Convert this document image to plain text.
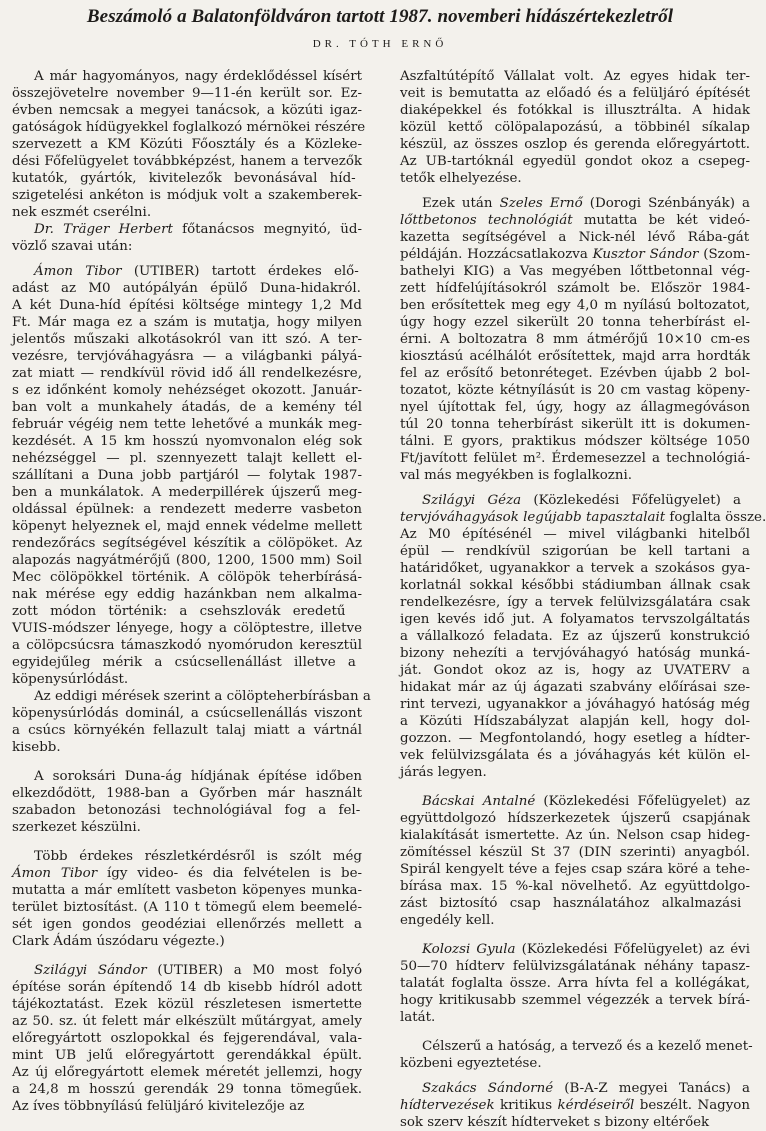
Beszámoló a Balatonföldváron tartott 1987. novemberi hídászértekezletről
DR. TÓTH ERNŐ
A már hagyományos, nagy érdeklődéssel kísért
összejövetelre november 9—11-én került sor. Ez-
évben nemcsak a megyei tanácsok, a közúti igaz-
gatóságok hídügyekkel foglalkozó mérnökei részére
szervezett a KM Közúti Főosztály és a Közleke-
dési Főfelügyelet továbbképzést, hanem a tervezők
kutatók, gyártók, kivitelezők bevonásával híd-
szigetelési ankéton is módjuk volt a szakemberek-
nek eszmét cserélni.
Dr. Träger Herbert főtanácsos megnyitó, üd-
vözlő szavai után:
Ámon Tibor (UTIBER) tartott érdekes elő-
adást az M0 autópályán épülő Duna-hidakról.
A két Duna-híd építési költsége mintegy 1,2 Md
Ft. Már maga ez a szám is mutatja, hogy milyen
jelentős műszaki alkotásokról van itt szó. A ter-
vezésre, tervjóváhagyásra — a világbanki pályá-
zat miatt — rendkívül rövid idő áll rendelkezésre,
s ez időnként komoly nehézséget okozott. Január-
ban volt a munkahely átadás, de a kemény tél
február végéig nem tette lehetővé a munkák meg-
kezdését. A 15 km hosszú nyomvonalon elég sok
nehézséggel — pl. szennyezett talajt kellett el-
szállítani a Duna jobb partjáról — folytak 1987-
ben a munkálatok. A mederpillérek újszerű meg-
oldással épülnek: a rendezett mederre vasbeton
köpenyt helyeznek el, majd ennek védelme mellett
rendezőrács segítségével készítik a cölöpöket. Az
alapozás nagyátmérőjű (800, 1200, 1500 mm) Soil
Mec cölöpökkel történik. A cölöpök teherbírásá-
nak mérése egy eddig hazánkban nem alkalma-
zott módon történik: a csehszlovák eredetű
VUIS-módszer lényege, hogy a cölöptestre, illetve
a cölöpcsúcsra támaszkodó nyomórudon keresztül
egyidejűleg mérik a csúcsellenállást illetve a
köpenysúrlódást.
Az eddigi mérések szerint a cölöpteherbírásban a
köpenysúrlódás dominál, a csúcsellenállás viszont
a csúcs környékén fellazult talaj miatt a vártnál
kisebb.
A soroksári Duna-ág hídjának építése időben
elkezdődött, 1988-ban a Győrben már használt
szabadon betonozási technológiával fog a fel-
szerkezet készülni.
Több érdekes részletkérdésről is szólt még
Ámon Tibor így video- és dia felvételen is be-
mutatta a már említett vasbeton köpenyes munka-
terület biztosítást. (A 110 t tömegű elem beemelé-
sét igen gondos geodéziai ellenőrzés mellett a
Clark Ádám úszódaru végezte.)
Szilágyi Sándor (UTIBER) a M0 most folyó
építése során építendő 14 db kisebb hídról adott
tájékoztatást. Ezek közül részletesen ismertette
az 50. sz. út felett már elkészült műtárgyat, amely
előregyártott oszlopokkal és fejgerendával, vala-
mint UB jelű előregyártott gerendákkal épült.
Az új előregyártott elemek méretét jellemzi, hogy
a 24,8 m hosszú gerendák 29 tonna tömegűek.
Az íves többnyílású felüljáró kivitelezője az
Aszfaltútépítő Vállalat volt. Az egyes hidak ter-
veit is bemutatta az előadó és a felüljáró építését
diaképekkel és fotókkal is illusztrálta. A hidak
közül kettő cölöpalapozású, a többinél síkalap
készül, az összes oszlop és gerenda előregyártott.
Az UB-tartóknál egyedül gondot okoz a csepeg-
tetők elhelyezése.
Ezek után Szeles Ernő (Dorogi Szénbányák) a
lőttbetonos technológiát mutatta be két videó-
kazetta segítségével a Nick-nél lévő Rába-gát
példáján. Hozzácsatlakozva Kusztor Sándor (Szom-
bathelyi KIG) a Vas megyében lőttbetonnal vég-
zett hídfelújításokról számolt be. Először 1984-
ben erősítettek meg egy 4,0 m nyílású boltozatot,
úgy hogy ezzel sikerült 20 tonna teherbírást el-
érni. A boltozatra 8 mm átmérőjű 10×10 cm-es
kiosztású acélhálót erősítettek, majd arra hordták
fel az erősítő betonréteget. Ezévben újabb 2 bol-
tozatot, közte kétnyílásút is 20 cm vastag köpeny-
nyel újítottak fel, úgy, hogy az állagmegóváson
túl 20 tonna teherbírást sikerült itt is dokumen-
tálni. E gyors, praktikus módszer költsége 1050
Ft/javított felület m². Érdemesezzel a technológiá-
val más megyékben is foglalkozni.
Szilágyi Géza (Közlekedési Főfelügyelet) a
tervjóváhagyások legújabb tapasztalait foglalta össze.
Az M0 építésénél — mivel világbanki hitelből
épül — rendkívül szigorúan be kell tartani a
határidőket, ugyanakkor a tervek a szokásos gya-
korlatnál sokkal későbbi stádiumban állnak csak
rendelkezésre, így a tervek felülvizsgálatára csak
igen kevés idő jut. A folyamatos tervszolgáltatás
a vállalkozó feladata. Ez az újszerű konstrukció
bizony nehezíti a tervjóváhagyó hatóság munká-
ját. Gondot okoz az is, hogy az UVATERV a
hidakat már az új ágazati szabvány előírásai sze-
rint tervezi, ugyanakkor a jóváhagyó hatóság még
a Közúti Hídszabályzat alapján kell, hogy dol-
gozzon. — Megfontolandó, hogy esetleg a hídter-
vek felülvizsgálata és a jóváhagyás két külön el-
járás legyen.
Bácskai Antalné (Közlekedési Főfelügyelet) az
együttdolgozó hídszerkezetek újszerű csapjának
kialakítását ismertette. Az ún. Nelson csap hideg-
zömítéssel készül St 37 (DIN szerinti) anyagból.
Spirál kengyelt téve a fejes csap szára köré a tehe-
bírása max. 15 %-kal növelhető. Az együttdolgo-
zást biztosító csap használatához alkalmazási
engedély kell.
Kolozsi Gyula (Közlekedési Főfelügyelet) az évi
50—70 hídterv felülvizsgálatának néhány tapasz-
talatát foglalta össze. Arra hívta fel a kollégákat,
hogy kritikusabb szemmel végezzék a tervek bírá-
latát.
Célszerű a hatóság, a tervező és a kezelő menet-
közbeni egyeztetése.
Szakács Sándorné (B-A-Z megyei Tanács) a
hídtervezések kritikus kérdéseiről beszélt. Nagyon
sok szerv készít hídterveket s bizony eltérőek
